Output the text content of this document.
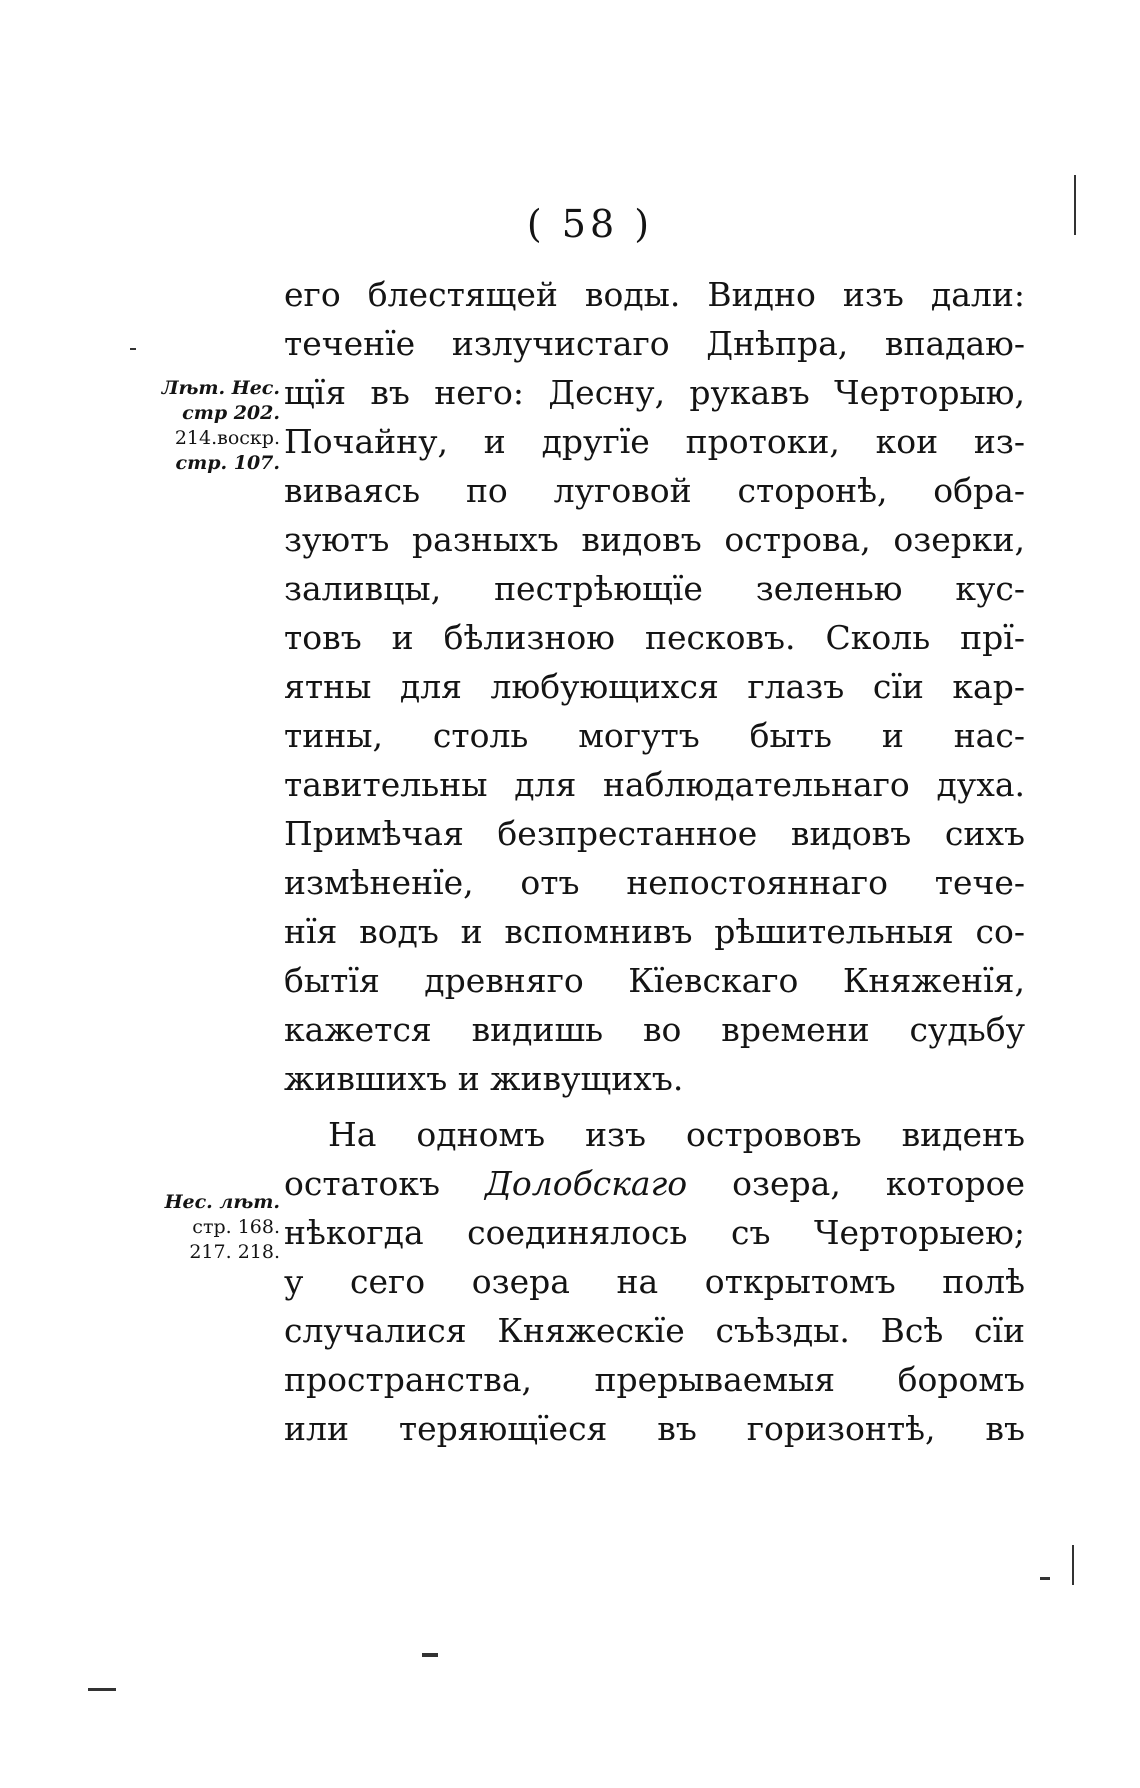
( 58 )
его блестящей воды. Видно изъ дали:
теченїе излучистаго Днѣпра, впадаю-
щїя въ него: Десну, рукавъ Черторыю,
Почайну, и другїе протоки, кои из-
виваясь по луговой сторонѣ, обра-
зуютъ разныхъ видовъ острова, озерки,
заливцы, пестрѣющїе зеленью кус-
товъ и бѣлизною песковъ. Сколь прї-
ятны для любующихся глазъ сїи кар-
тины, столь могутъ быть и нас-
тавительны для наблюдательнаго духа.
Примѣчая безпрестанное видовъ сихъ
измѣненїе, отъ непостояннаго тече-
нїя водъ и вспомнивъ рѣшительныя со-
бытїя древняго Кїевскаго Княженїя,
кажется видишь во времени судьбу
жившихъ и живущихъ.
На одномъ изъ острововъ виденъ
остатокъ Долобскаго озера, которое
нѣкогда соединялось съ Черторыею;
у сего озера на открытомъ полѣ
случалися Княжескїе съѣзды. Всѣ сїи
пространства, прерываемыя боромъ
или теряющїеся въ горизонтѣ, въ
Лѣт. Нес.
стр 202.
214.воскр.
стр. 107.
Нес. лѣт.
стр. 168.
217. 218.
